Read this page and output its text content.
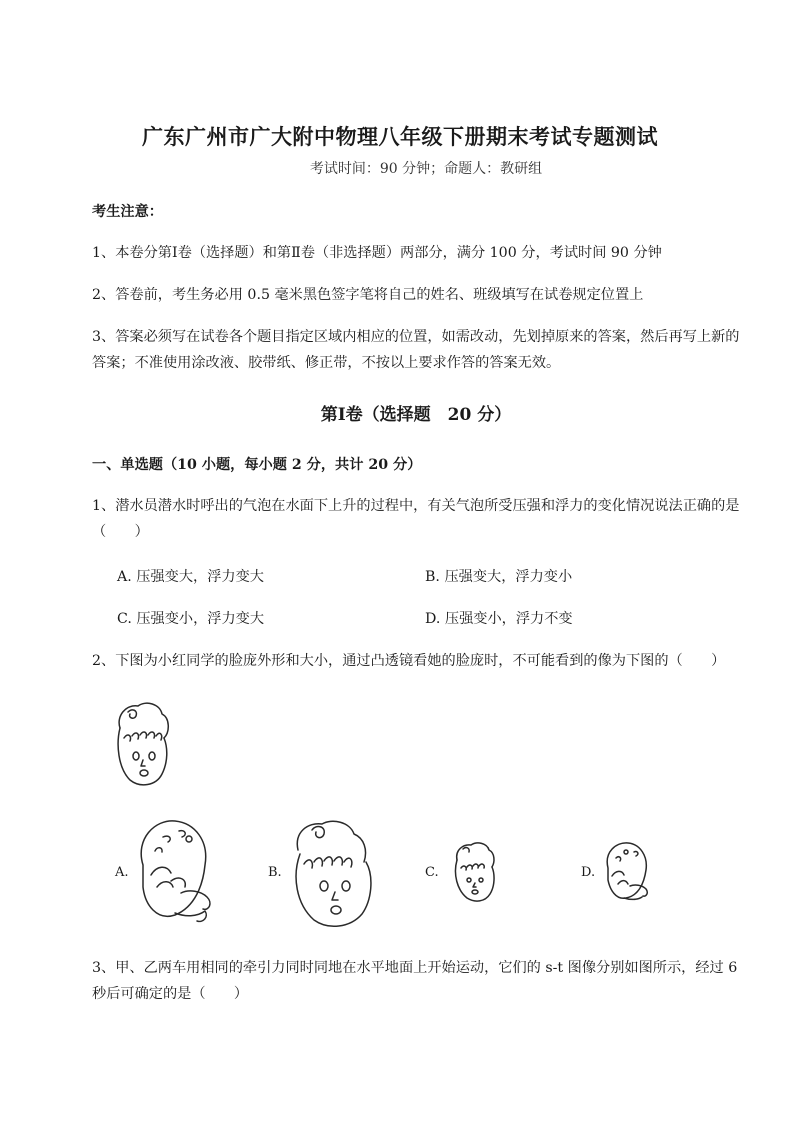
广东广州市广大附中物理八年级下册期末考试专题测试
考试时间：90 分钟；命题人：教研组
考生注意：
1、本卷分第Ⅰ卷（选择题）和第Ⅱ卷（非选择题）两部分，满分 100 分，考试时间 90 分钟
2、答卷前，考生务必用 0.5 毫米黑色签字笔将自己的姓名、班级填写在试卷规定位置上
3、答案必须写在试卷各个题目指定区域内相应的位置，如需改动，先划掉原来的答案，然后再写上新的答案；不准使用涂改液、胶带纸、修正带，不按以上要求作答的答案无效。
第Ⅰ卷（选择题　20 分）
一、单选题（10 小题，每小题 2 分，共计 20 分）
1、潜水员潜水时呼出的气泡在水面下上升的过程中，有关气泡所受压强和浮力的变化情况说法正确的是（　　）
A. 压强变大，浮力变大	B. 压强变大，浮力变小
C. 压强变小，浮力变大	D. 压强变小，浮力不变
2、下图为小红同学的脸庞外形和大小，通过凸透镜看她的脸庞时，不可能看到的像为下图的（　　）
A.	B.	C.	D.
3、甲、乙两车用相同的牵引力同时同地在水平地面上开始运动，它们的 s-t 图像分别如图所示，经过 6 秒后可确定的是（　　）
